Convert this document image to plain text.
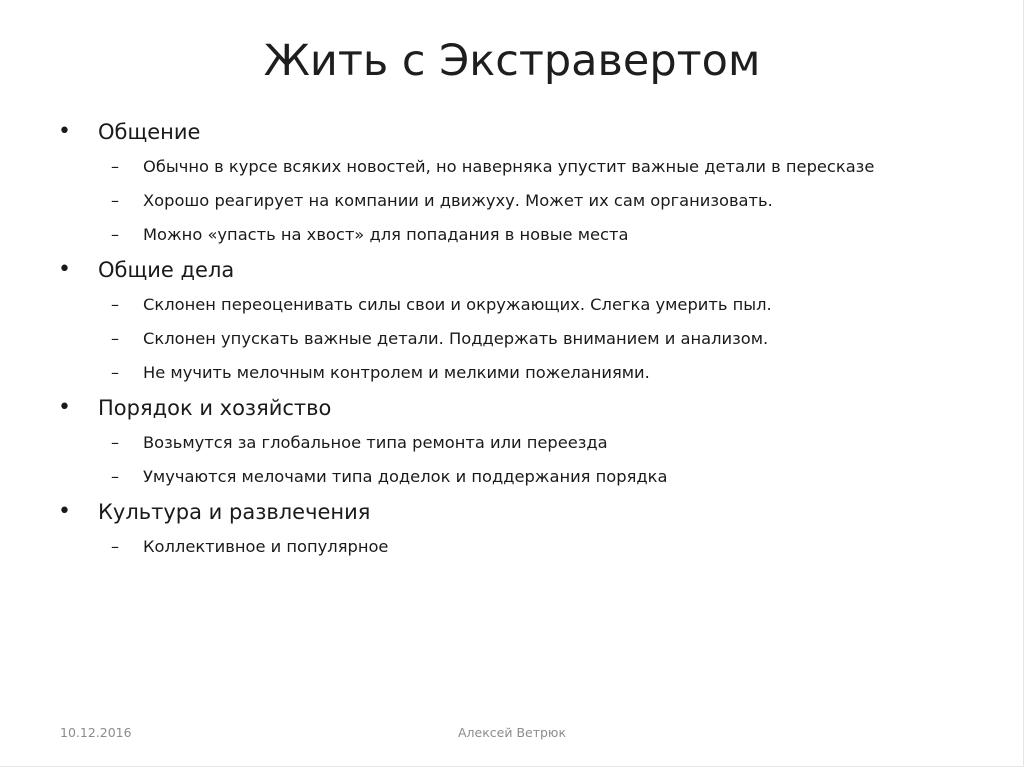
Жить с Экстравертом
• Общение
– Обычно в курсе всяких новостей, но наверняка упустит важные детали в пересказе
– Хорошо реагирует на компании и движуху. Может их сам организовать.
– Можно «упасть на хвост» для попадания в новые места
• Общие дела
– Склонен переоценивать силы свои и окружающих. Слегка умерить пыл.
– Склонен упускать важные детали. Поддержать вниманием и анализом.
– Не мучить мелочным контролем и мелкими пожеланиями.
• Порядок и хозяйство
– Возьмутся за глобальное типа ремонта или переезда
– Умучаются мелочами типа доделок и поддержания порядка
• Культура и развлечения
– Коллективное и популярное
10.12.2016	Алексей Ветрюк
